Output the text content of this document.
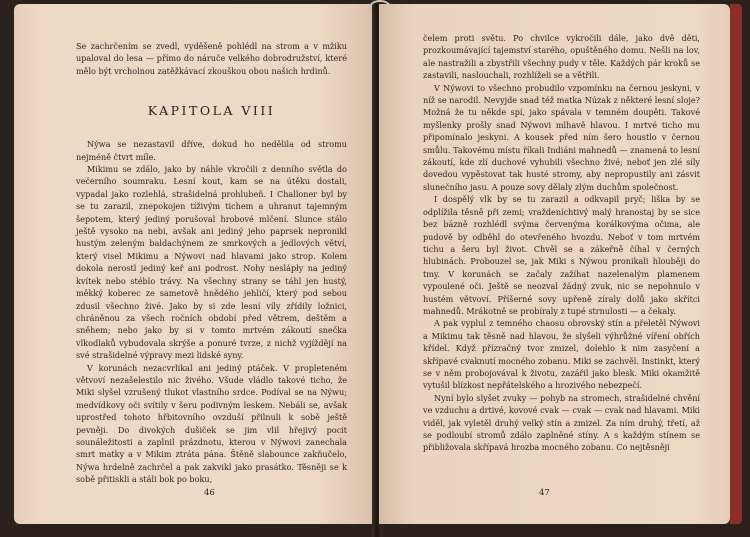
Se zachrčením se zvedl, vyděšeně pohlédl na strom a v mžiku upaloval do lesa — přímo do náruče velkého dobrodružství, které mělo být vrcholnou zatěžkávací zkouškou obou našich hrdinů.

KAPITOLA VIII

Nýwa se nezastavil dříve, dokud ho nedělila od stromu nejméně čtvrt míle.

Mikimu se zdálo, jako by náhle vkročili z denního světla do večerního soumraku. Lesní kout, kam se na útěku dostali, vypadal jako rozlehlá, strašidelná prohlubeň. I Challoner byl by se tu zarazil, znepokojen tíživým tichem a uhranut tajemným šepotem, který jediný porušoval hrobové mlčení. Slunce stálo ještě vysoko na nebi, avšak ani jediný jeho paprsek nepronikl hustým zeleným baldachýnem ze smrkových a jedlových větví, který visel Mikimu a Nýwovi nad hlavami jako strop. Kolem dokola nerostl jediný keř ani podrost. Nohy neslápły na jediný kvítek nebo stéblo trávy. Na všechny strany se táhl jen hustý, měkký koberec ze sametově hnědého jehličí, který pod sebou zdusil všechno živé. Jako by si zde lesní víly zřídily ložnici, chráněnou za všech ročních období před větrem, deštěm a sněhem; nebo jako by si v tomto mrtvém zákoutí snečka vlkodlaků vybudovala skrýše a ponuré tvrze, z nichž vyjíždějí na své strašidelné výpravy mezi lidské syny.

V korunách nezacvrlikal ani jediný ptáček. V propleteném větvoví nezašelestilo nic živého. Všude vládlo takové ticho, že Miki slyšel vzrušený tlukot vlastního srdce. Podíval se na Nýwu; medvídkovy oči svítily v šeru podivným leskem. Nebáli se, avšak uprostřed tohoto hřbitovního ovzduší přilnuli k sobě ještě pevněji. Do divokých dušiček se jim vlil hřejivý pocit sounáležitosti a zaplnil prázdnotu, kterou v Nýwovi zanechala smrt matky a v Mikim ztráta pána. Štěně slabounce zakňučelo, Nýwa hrdelně zachrčel a pak zakvikl jako prasátko. Těsněji se k sobě přitiskli a stáli bok po boku,

46

čelem proti světu. Po chvilce vykročili dále, jako dvě děti, prozkoumávající tajemství starého, opuštěného domu. Nešli na lov, ale nastražili a zbystřili všechny pudy v těle. Každých pár kroků se zastavili, naslouchali, rozhlíželi se a větřili.

V Nýwovi to všechno probudilo vzpomínku na černou jeskyni, v níž se narodil. Nevyjde snad též matka Núzak z některé lesní sloje? Možná že tu někde spí, jako spávala v temném doupěti. Takové myšlenky prošly snad Nýwovi mlhavě hlavou. I mrtvé ticho mu připomínalo jeskyni. A kousek před ním šero houstlo v černou smůlu. Takovému místu říkali Indiáni mahnedů — znamená to lesní zákoutí, kde zlí duchové vyhubili všechno živé; neboť jen zlé síly dovedou vypěstovat tak husté stromy, aby nepropustily ani zásvit slunečního jasu. A pouze sovy dělaly zlým duchům společnost.

I dospělý vlk by se tu zarazil a odkvapil pryč; liška by se odplížila těsně při zemi; vraždeníchtivý malý hranostaj by se sice bez bázně rozhlédl svýma červenýma korálkovýma očima, ale pudově by odběhl do otevřeného hvozdu. Neboť v tom mrtvém tichu a šeru byl život. Chvěl se a zákeřně číhal v černých hlubinách. Probouzel se, jak Miki s Nýwou pronikali hlouběji do tmy. V korunách se začaly zažíhat nazelenalým plamenem vypoulené oči. Ještě se neozval žádný zvuk, nic se nepohnulo v hustém větvoví. Příšerné sovy upřeně zíraly dolů jako skřítci mahnedů. Mrákotně se probíraly z tupé strnulosti — a čekaly.

A pak vyplul z temného chaosu obrovský stín a přeletěl Nýwovi a Mikimu tak těsně nad hlavou, že slyšeli výhrůžné víření obřích křídel. Když přízračný tvor zmizel, dolehlo k nim zasyčení a skřípavé cvaknutí mocného zobanu. Miki se zachvěl. Instinkt, který se v něm probojovával k životu, zazářil jako blesk. Miki okamžitě vytušil blízkost nepřátelského a hrozivého nebezpečí.

Nyní bylo slyšet zvuky — pohyb na stromech, strašidelné chvění ve vzduchu a drtivé, kovové cvak — cvak — cvak nad hlavami. Miki viděl, jak vyletěl druhý velký stín a zmizel. Za ním druhý, třetí, až se podloubí stromů zdálo zaplněné stíny. A s každým stínem se přibližovala skřípavá hrozba mocného zobanu. Co nejtěsněji

47
